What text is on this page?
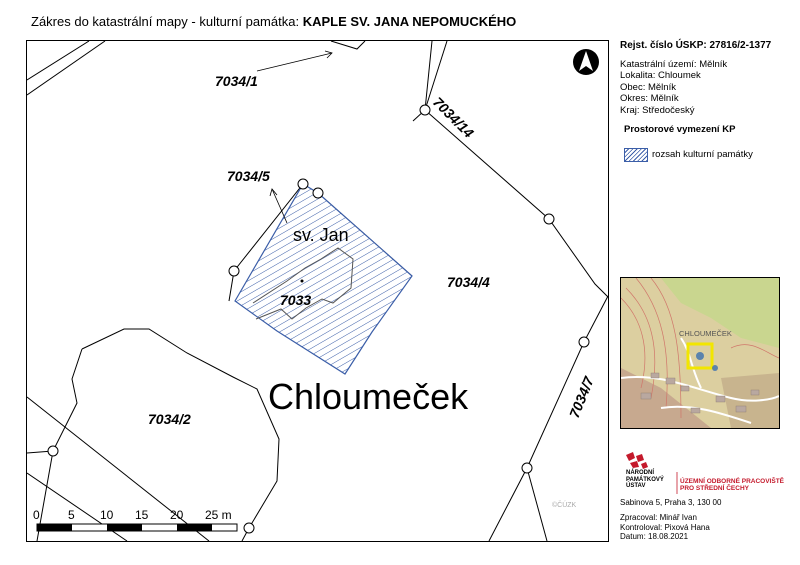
Zákres do katastrální mapy - kulturní památka: KAPLE SV. JANA NEPOMUCKÉHO
7034/1
7034/14
7034/5
7034/4
7033
7034/2	7034/7
sv. Jan
Chloumeček
©ČÚZK
0 5 10 15 20 25 m
Rejst. číslo ÚSKP: 27816/2-1377
Katastrální území: Mělník
Lokalita: Chloumek
Obec: Mělník
Okres: Mělník
Kraj: Středočeský
Prostorové vymezení KP
rozsah kulturní památky
CHLOUMEČEK
NÁRODNÍ
PAMÁTKOVÝ
ÚSTAV
ÚZEMNÍ ODBORNÉ PRACOVIŠTĚ
PRO STŘEDNÍ ČECHY
Sabinova 5, Praha 3, 130 00
Zpracoval: Minář Ivan
Kontroloval: Pixová Hana
Datum: 18.08.2021
